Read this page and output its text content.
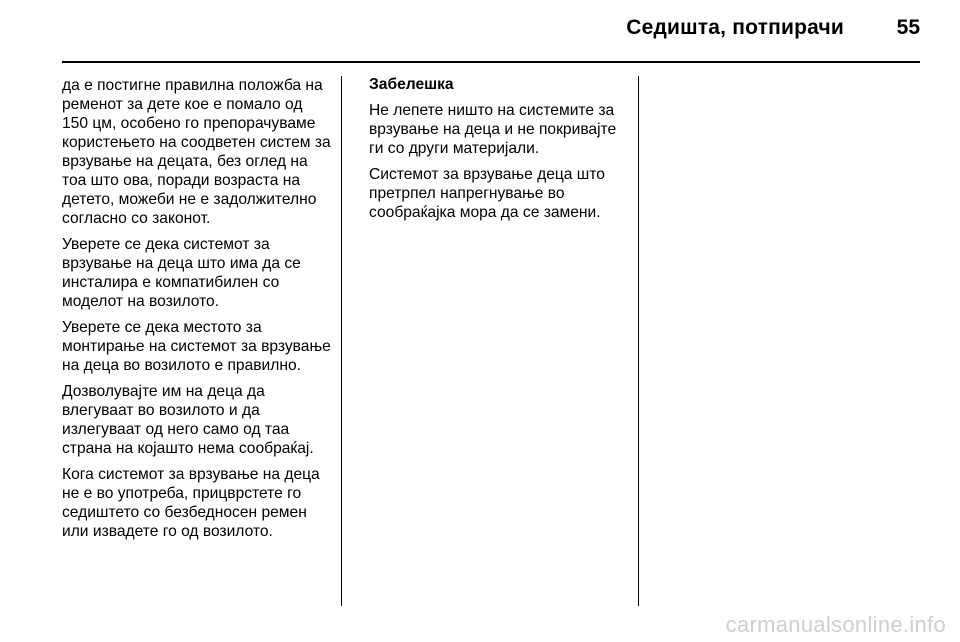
Седишта, потпирачи	55

да е постигне правилна положба на ременот за дете кое е помало од 150 цм, особено го препорачуваме користењето на соодветен систем за врзување на децата, без оглед на тоа што ова, поради возраста на детето, можеби не е задолжително согласно со законот.

Уверете се дека системот за врзување на деца што има да се инсталира е компатибилен со моделот на возилото.

Уверете се дека местото за монтирање на системот за врзување на деца во возилото е правилно.

Дозволувајте им на деца да влегуваат во возилото и да излегуваат од него само од таа страна на којашто нема сообраќај.

Кога системот за врзување на деца не е во употреба, прицврстете го седиштето со безбедносен ремен или извадете го од возилото.

Забелешка

Не лепете ништо на системите за врзување на деца и не покривајте ги со други материјали.

Системот за врзување деца што претрпел напрегнување во сообраќајка мора да се замени.

carmanualsonline.info
